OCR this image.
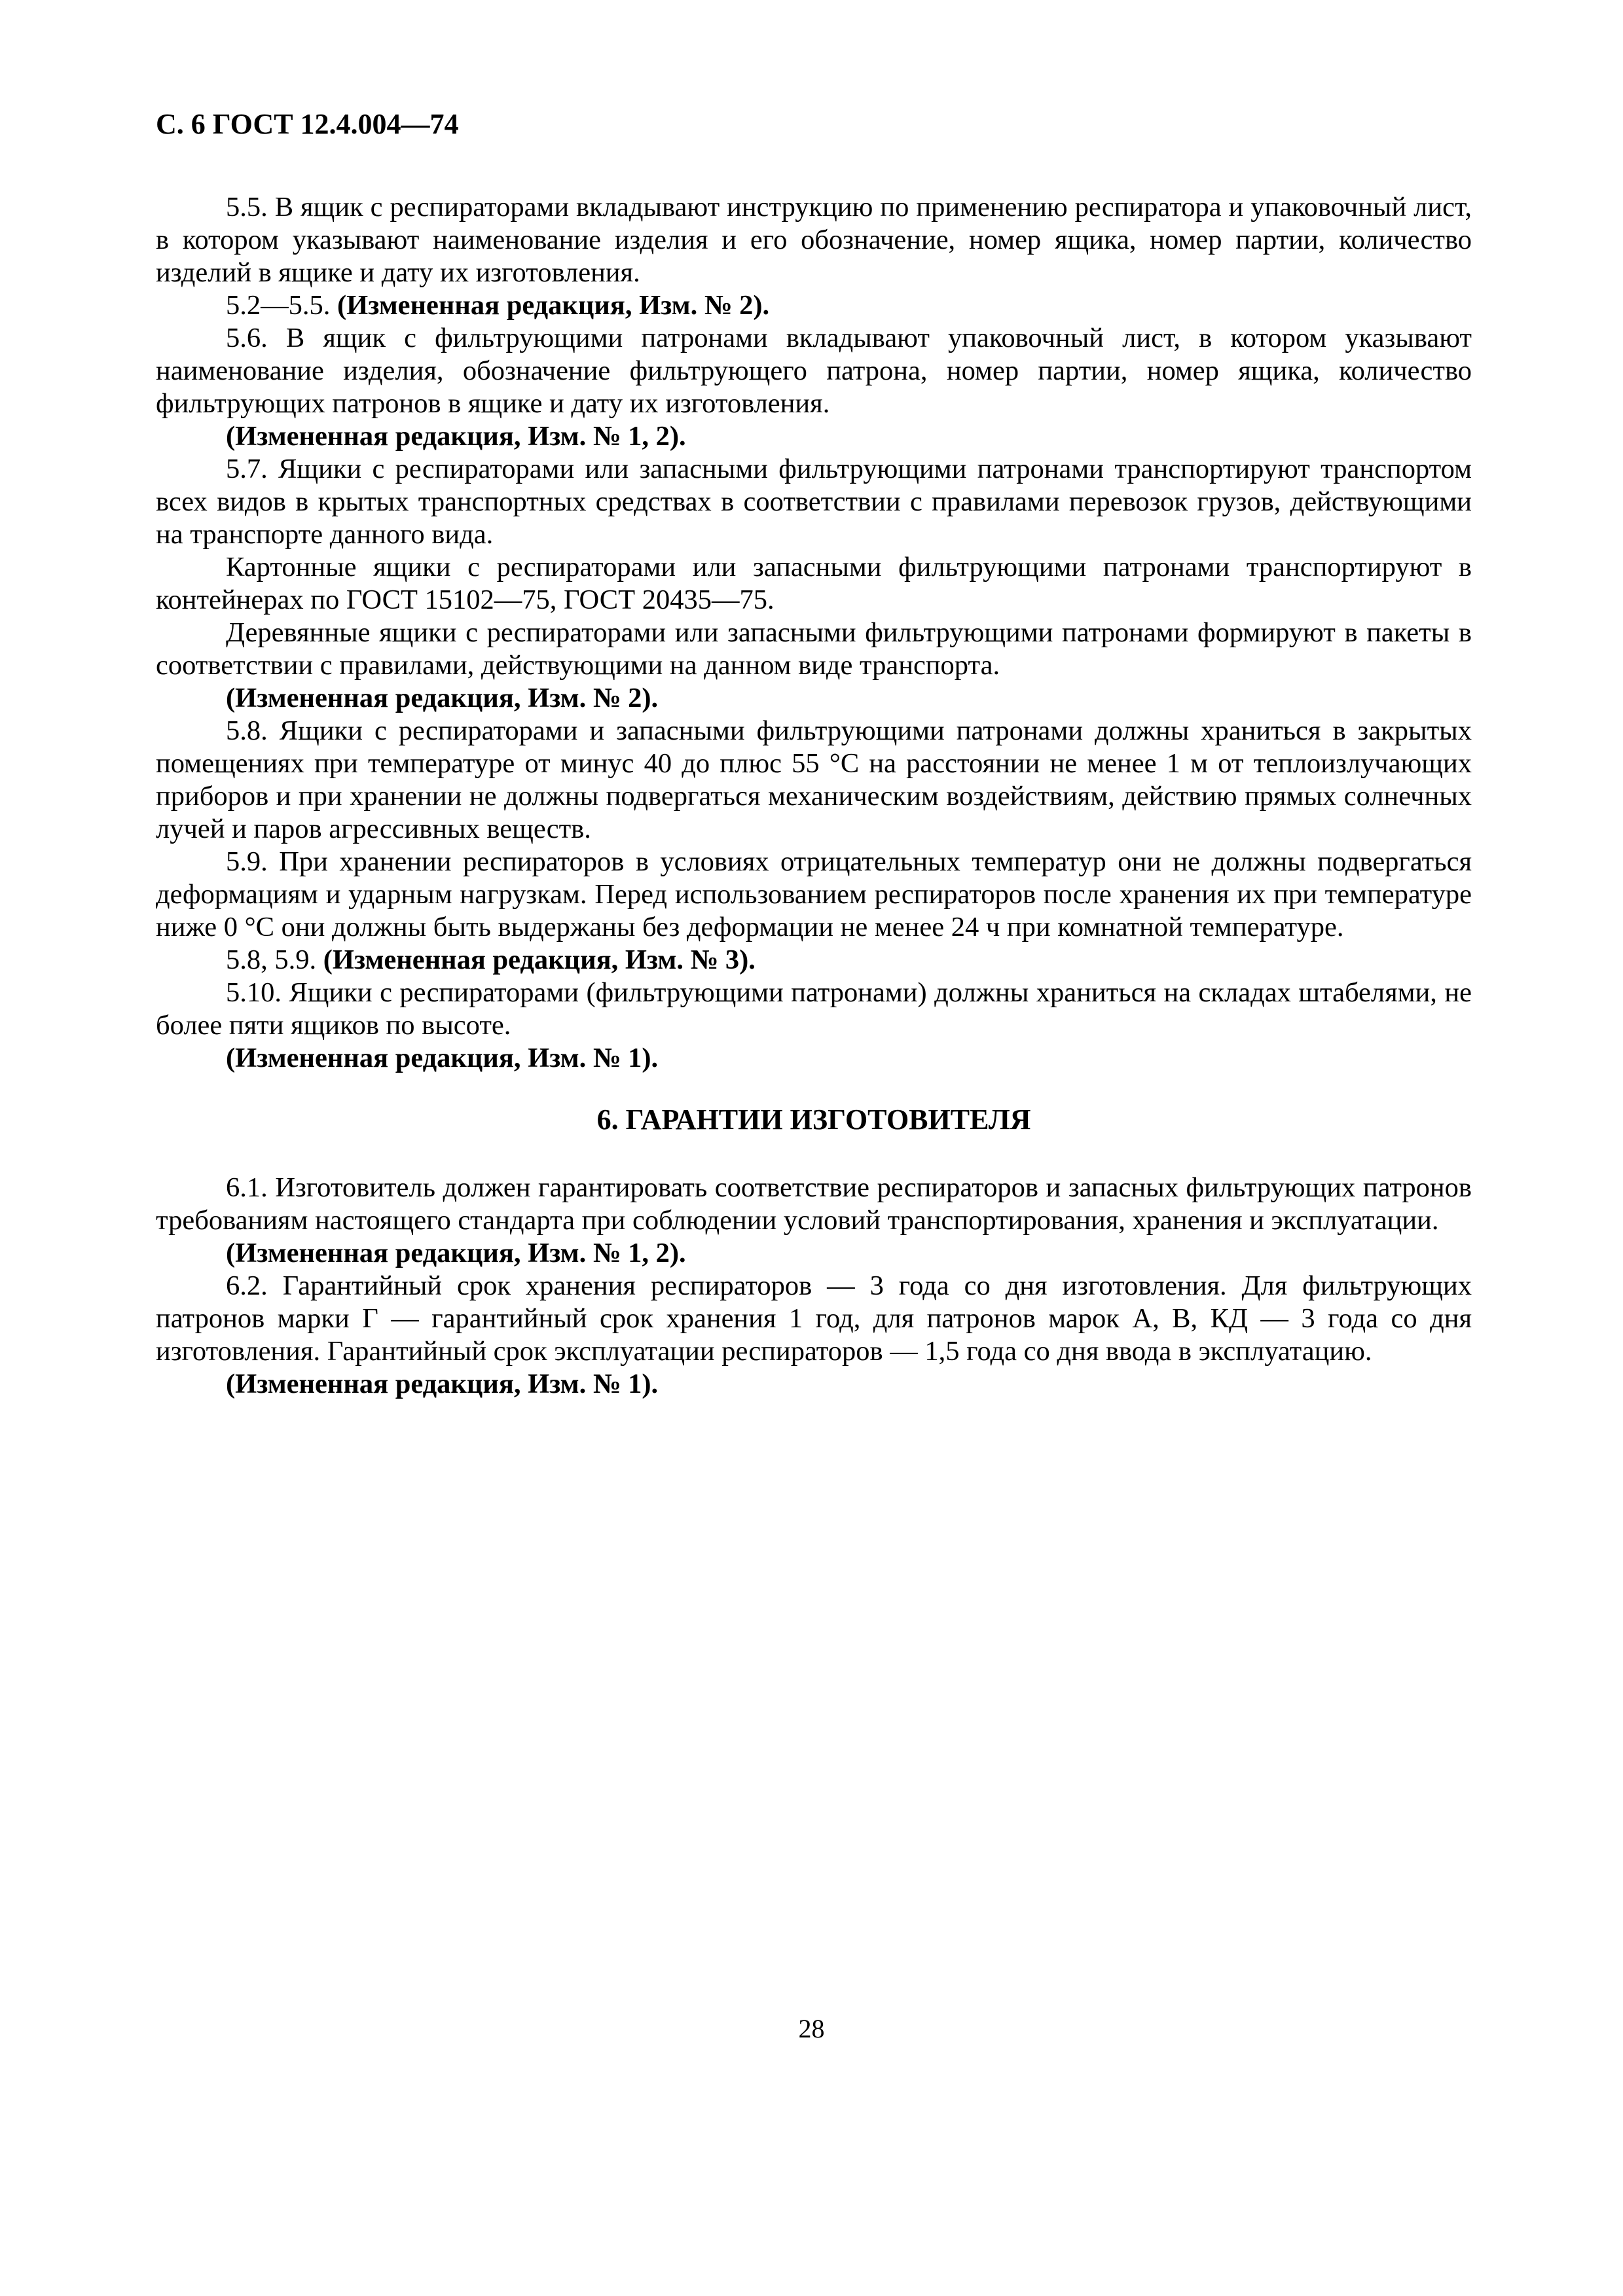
С. 6 ГОСТ 12.4.004—74

5.5. В ящик с респираторами вкладывают инструкцию по применению респиратора и упаковочный лист, в котором указывают наименование изделия и его обозначение, номер ящика, номер партии, количество изделий в ящике и дату их изготовления.

5.2—5.5. (Измененная редакция, Изм. № 2).

5.6. В ящик с фильтрующими патронами вкладывают упаковочный лист, в котором указывают наименование изделия, обозначение фильтрующего патрона, номер партии, номер ящика, количество фильтрующих патронов в ящике и дату их изготовления.

(Измененная редакция, Изм. № 1, 2).

5.7. Ящики с респираторами или запасными фильтрующими патронами транспортируют транспортом всех видов в крытых транспортных средствах в соответствии с правилами перевозок грузов, действующими на транспорте данного вида.

Картонные ящики с респираторами или запасными фильтрующими патронами транспортируют в контейнерах по ГОСТ 15102—75, ГОСТ 20435—75.

Деревянные ящики с респираторами или запасными фильтрующими патронами формируют в пакеты в соответствии с правилами, действующими на данном виде транспорта.

(Измененная редакция, Изм. № 2).

5.8. Ящики с респираторами и запасными фильтрующими патронами должны храниться в закрытых помещениях при температуре от минус 40 до плюс 55 °С на расстоянии не менее 1 м от теплоизлучающих приборов и при хранении не должны подвергаться механическим воздействиям, действию прямых солнечных лучей и паров агрессивных веществ.

5.9. При хранении респираторов в условиях отрицательных температур они не должны подвергаться деформациям и ударным нагрузкам. Перед использованием респираторов после хранения их при температуре ниже 0 °С они должны быть выдержаны без деформации не менее 24 ч при комнатной температуре.

5.8, 5.9. (Измененная редакция, Изм. № 3).

5.10. Ящики с респираторами (фильтрующими патронами) должны храниться на складах штабелями, не более пяти ящиков по высоте.

(Измененная редакция, Изм. № 1).

6. ГАРАНТИИ ИЗГОТОВИТЕЛЯ

6.1. Изготовитель должен гарантировать соответствие респираторов и запасных фильтрующих патронов требованиям настоящего стандарта при соблюдении условий транспортирования, хранения и эксплуатации.

(Измененная редакция, Изм. № 1, 2).

6.2. Гарантийный срок хранения респираторов — 3 года со дня изготовления. Для фильтрующих патронов марки Г — гарантийный срок хранения 1 год, для патронов марок А, В, КД — 3 года со дня изготовления. Гарантийный срок эксплуатации респираторов — 1,5 года со дня ввода в эксплуатацию.

(Измененная редакция, Изм. № 1).

28
